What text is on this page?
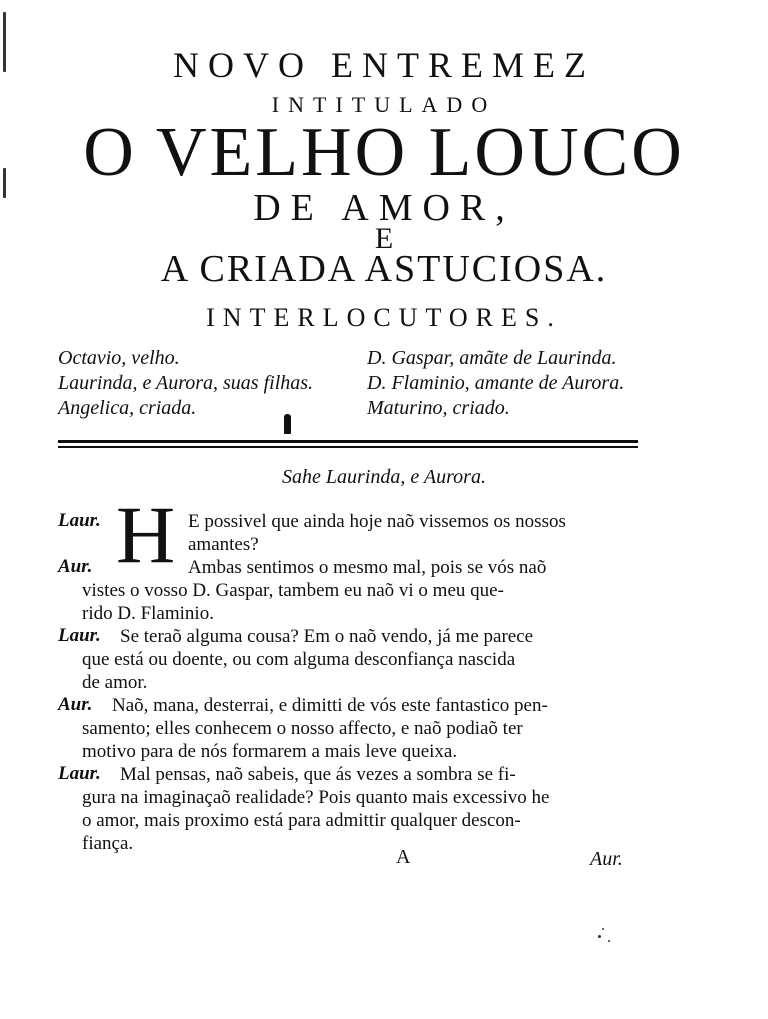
NOVO ENTREMEZ
INTITULADO
O VELHO LOUCO
DE AMOR,
E
A CRIADA ASTUCIOSA.
INTERLOCUTORES.
Octavio, velho.
Laurinda, e Aurora, suas filhas.
Angelica, criada.
D. Gaspar, amãte de Laurinda.
D. Flaminio, amante de Aurora.
Maturino, criado.
Sahe Laurinda, e Aurora.
H
Laur.	E possivel que ainda hoje naõ vissemos os nossos
amantes?
Aur.	Ambas sentimos o mesmo mal, pois se vós naõ
vistes o vosso D. Gaspar, tambem eu naõ vi o meu que-
rido D. Flaminio.
Laur. Se teraõ alguma cousa? Em o naõ vendo, já me parece
que está ou doente, ou com alguma desconfiança nascida
de amor.
Aur. Naõ, mana, desterrai, e dimitti de vós este fantastico pen-
samento; elles conhecem o nosso affecto, e naõ podiaõ ter
motivo para de nós formarem a mais leve queixa.
Laur. Mal pensas, naõ sabeis, que ás vezes a sombra se fi-
gura na imaginaçaõ realidade? Pois quanto mais excessivo he
o amor, mais proximo está para admittir qualquer descon-
fiança.
A	Aur.
